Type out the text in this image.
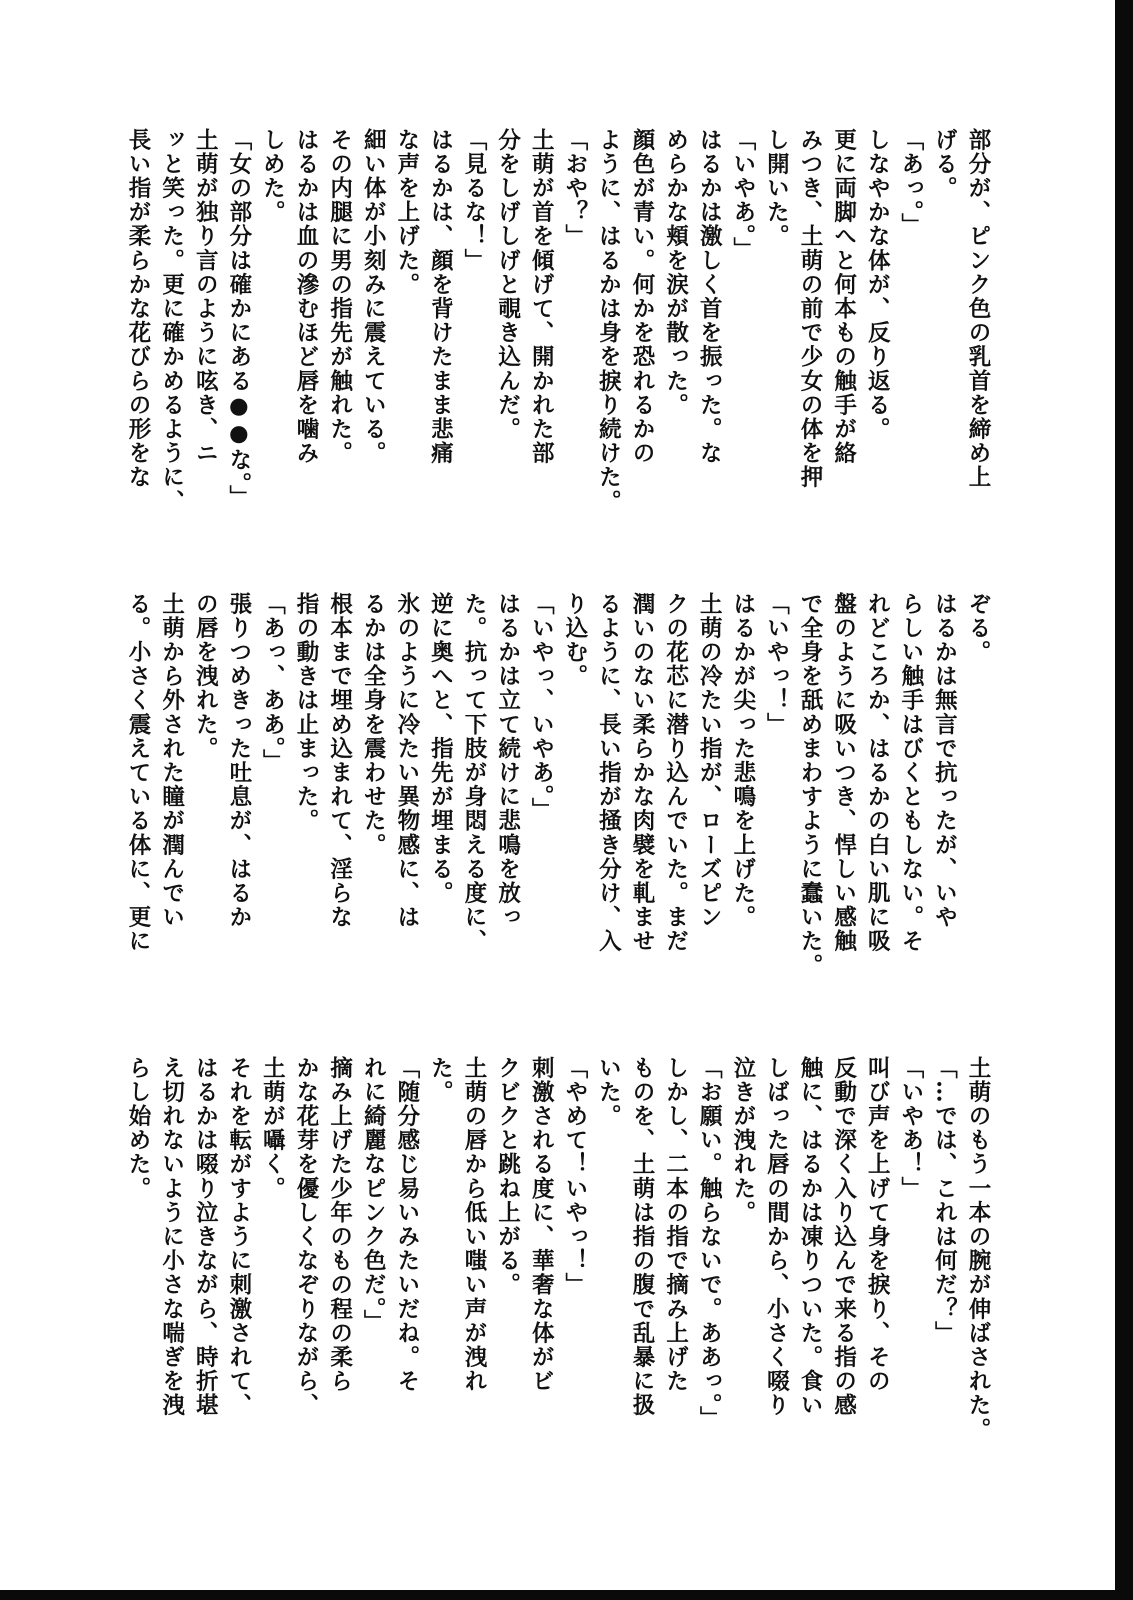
部分が、ピンク色の乳首を締め上
げる。
「あっ。」
しなやかな体が、反り返る。
更に両脚へと何本もの触手が絡
みつき、土萌の前で少女の体を押
し開いた。
「いやあ。」
はるかは激しく首を振った。な
めらかな頬を涙が散った。
顔色が青い。何かを恐れるかの
ように、はるかは身を捩り続けた。
「おや？」
土萌が首を傾げて、開かれた部
分をしげしげと覗き込んだ。
「見るな！」
はるかは、顔を背けたまま悲痛
な声を上げた。
細い体が小刻みに震えている。
その内腿に男の指先が触れた。
はるかは血の滲むほど唇を噛み
しめた。
「女の部分は確かにある●●な。」
土萌が独り言のように呟き、ニ
ッと笑った。更に確かめるように、
長い指が柔らかな花びらの形をな
ぞる。
はるかは無言で抗ったが、いや
らしい触手はびくともしない。そ
れどころか、はるかの白い肌に吸
盤のように吸いつき、悍しい感触
で全身を舐めまわすように蠢いた。
「いやっ！」
はるかが尖った悲鳴を上げた。
土萌の冷たい指が、ローズピン
クの花芯に潜り込んでいた。まだ
潤いのない柔らかな肉襞を軋ませ
るように、長い指が掻き分け、入
り込む。
「いやっ、いやあ。」
はるかは立て続けに悲鳴を放っ
た。抗って下肢が身悶える度に、
逆に奥へと、指先が埋まる。
氷のように冷たい異物感に、は
るかは全身を震わせた。
根本まで埋め込まれて、淫らな
指の動きは止まった。
「あっ、ああ。」
張りつめきった吐息が、はるか
の唇を洩れた。
土萌から外された瞳が潤んでい
る。小さく震えている体に、更に
土萌のもう一本の腕が伸ばされた。
「…では、これは何だ？」
「いやあ！」
叫び声を上げて身を捩り、その
反動で深く入り込んで来る指の感
触に、はるかは凍りついた。食い
しばった唇の間から、小さく啜り
泣きが洩れた。
「お願い。触らないで。ああっ。」
しかし、二本の指で摘み上げた
ものを、土萌は指の腹で乱暴に扱
いた。
「やめて！いやっ！」
刺激される度に、華奢な体がビ
クビクと跳ね上がる。
土萌の唇から低い嗤い声が洩れ
た。
「随分感じ易いみたいだね。そ
れに綺麗なピンク色だ。」
摘み上げた少年のもの程の柔ら
かな花芽を優しくなぞりながら、
土萌が囁く。
それを転がすように刺激されて、
はるかは啜り泣きながら、時折堪
え切れないように小さな喘ぎを洩
らし始めた。
